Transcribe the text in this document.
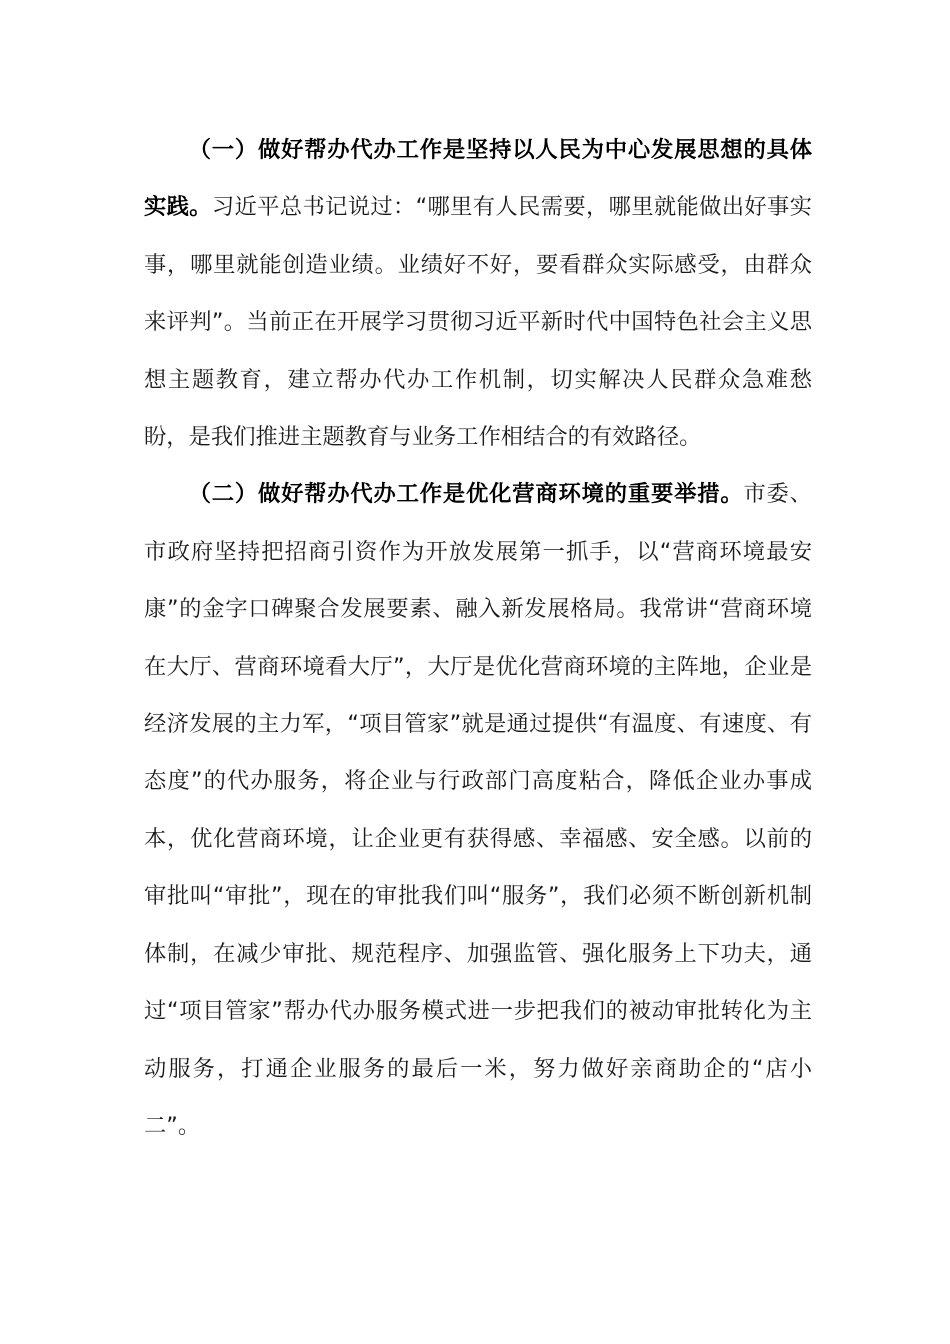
（一）做好帮办代办工作是坚持以人民为中心发展思想的具体实践。习近平总书记说过：“哪里有人民需要，哪里就能做出好事实事，哪里就能创造业绩。业绩好不好，要看群众实际感受，由群众来评判”。当前正在开展学习贯彻习近平新时代中国特色社会主义思想主题教育，建立帮办代办工作机制，切实解决人民群众急难愁盼，是我们推进主题教育与业务工作相结合的有效路径。

（二）做好帮办代办工作是优化营商环境的重要举措。市委、市政府坚持把招商引资作为开放发展第一抓手，以“营商环境最安康”的金字口碑聚合发展要素、融入新发展格局。我常讲“营商环境在大厅、营商环境看大厅”，大厅是优化营商环境的主阵地，企业是经济发展的主力军，“项目管家”就是通过提供“有温度、有速度、有态度”的代办服务，将企业与行政部门高度粘合，降低企业办事成本，优化营商环境，让企业更有获得感、幸福感、安全感。以前的审批叫“审批”，现在的审批我们叫“服务”，我们必须不断创新机制体制，在减少审批、规范程序、加强监管、强化服务上下功夫，通过“项目管家”帮办代办服务模式进一步把我们的被动审批转化为主动服务，打通企业服务的最后一米，努力做好亲商助企的“店小二”。
